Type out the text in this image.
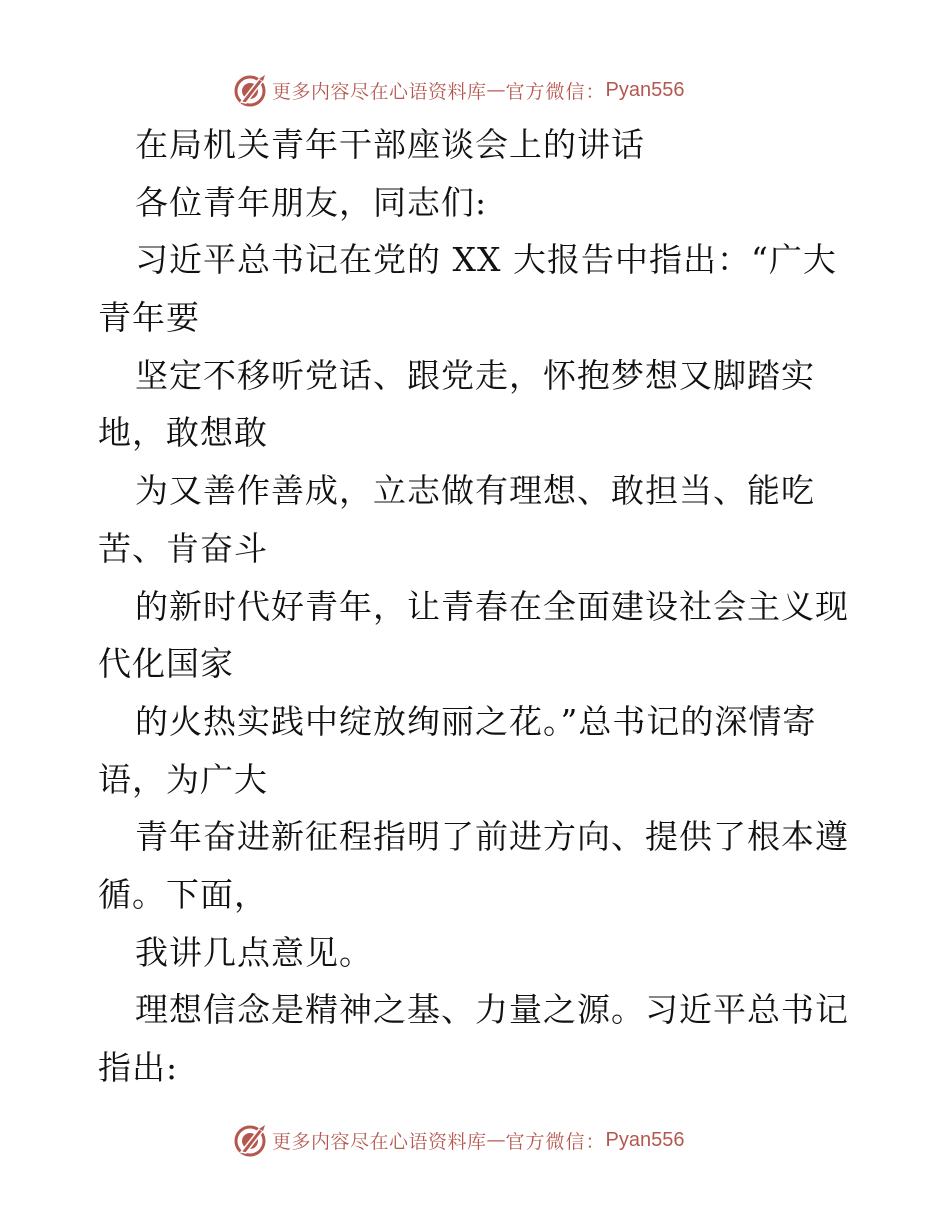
更多内容尽在心语资料库 — 官方微信： Pyan556
在局机关青年干部座谈会上的讲话
各位青年朋友，同志们:
习近平总书记在党的 XX 大报告中指出：“广大
青年要
坚定不移听党话、跟党走，怀抱梦想又脚踏实
地，敢想敢
为又善作善成，立志做有理想、敢担当、能吃
苦、肯奋斗
的新时代好青年，让青春在全面建设社会主义现
代化国家
的火热实践中绽放绚丽之花。”总书记的深情寄
语，为广大
青年奋进新征程指明了前进方向、提供了根本遵
循。下面，
我讲几点意见。
理想信念是精神之基、力量之源。习近平总书记
指出:
更多内容尽在心语资料库 — 官方微信： Pyan556
